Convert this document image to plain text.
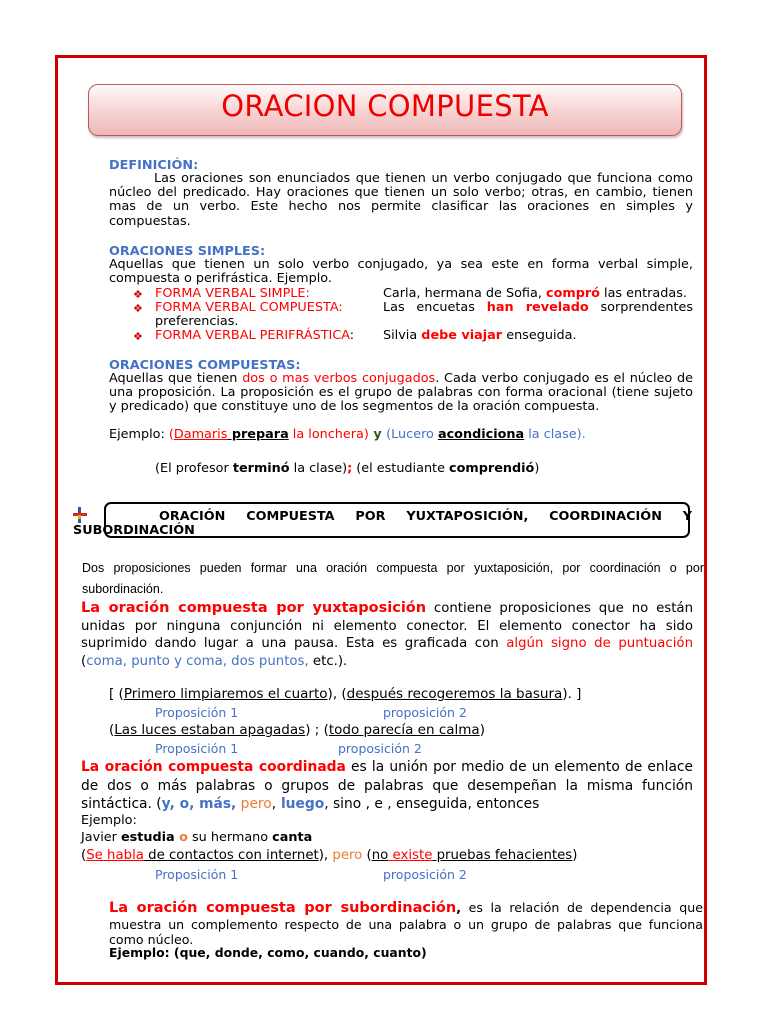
ORACION COMPUESTA
DEFINICIÓN:
Las oraciones son enunciados que tienen un verbo conjugado que funciona como núcleo del predicado. Hay oraciones que tienen un solo verbo; otras, en cambio, tienen mas de un verbo. Este hecho nos permite clasificar las oraciones en simples y compuestas.
ORACIONES SIMPLES:
Aquellas que tienen un solo verbo conjugado, ya sea este en forma verbal simple, compuesta o perifrástica. Ejemplo.
❖ FORMA VERBAL SIMPLE:	Carla, hermana de Sofia, compró las entradas.
❖ FORMA VERBAL COMPUESTA:	Las encuetas han revelado sorprendentes
preferencias.
❖ FORMA VERBAL PERIFRÁSTICA: Silvia debe viajar enseguida.
ORACIONES COMPUESTAS:
Aquellas que tienen dos o mas verbos conjugados. Cada verbo conjugado es el núcleo de una proposición. La proposición es el grupo de palabras con forma oracional (tiene sujeto y predicado) que constituye uno de los segmentos de la oración compuesta.
Ejemplo: (Damaris prepara la lonchera) y (Lucero acondiciona la clase).
(El profesor terminó la clase); (el estudiante comprendió)
ORACIÓN COMPUESTA POR YUXTAPOSICIÓN, COORDINACIÓN Y
SUBORDINACIÓN
Dos proposiciones pueden formar una oración compuesta por yuxtaposición, por coordinación o por subordinación.
La oración compuesta por yuxtaposición contiene proposiciones que no están unidas por ninguna conjunción ni elemento conector. El elemento conector ha sido suprimido dando lugar a una pausa. Esta es graficada con algún signo de puntuación (coma, punto y coma, dos puntos, etc.).
[ (Primero limpiaremos el cuarto), (después recogeremos la basura). ]
Proposición 1	proposición 2
(Las luces estaban apagadas) ; (todo parecía en calma)
Proposición 1	proposición 2
La oración compuesta coordinada es la unión por medio de un elemento de enlace de dos o más palabras o grupos de palabras que desempeñan la misma función sintáctica. (y, o, más, pero, luego, sino , e , enseguida, entonces
Ejemplo:
Javier estudia o su hermano canta
(Se habla de contactos con internet), pero (no existe pruebas fehacientes)
Proposición 1	proposición 2
La oración compuesta por subordinación, es la relación de dependencia que muestra un complemento respecto de una palabra o un grupo de palabras que funciona como núcleo.
Ejemplo: (que, donde, como, cuando, cuanto)
